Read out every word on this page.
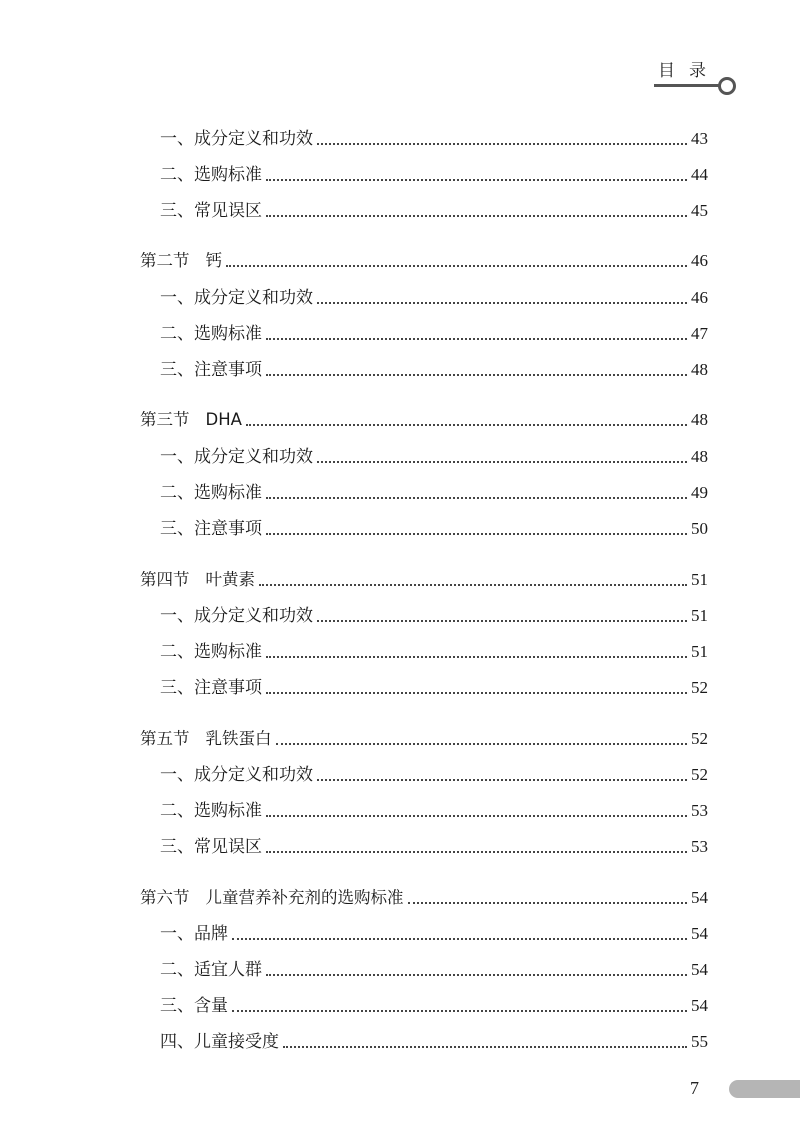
目录
一、成分定义和功效	43
二、选购标准	44
三、常见误区	45
第二节 钙	46
一、成分定义和功效	46
二、选购标准	47
三、注意事项	48
第三节 DHA	48
一、成分定义和功效	48
二、选购标准	49
三、注意事项	50
第四节 叶黄素	51
一、成分定义和功效	51
二、选购标准	51
三、注意事项	52
第五节 乳铁蛋白	52
一、成分定义和功效	52
二、选购标准	53
三、常见误区	53
第六节 儿童营养补充剂的选购标准	54
一、品牌	54
二、适宜人群	54
三、含量	54
四、儿童接受度	55
7
